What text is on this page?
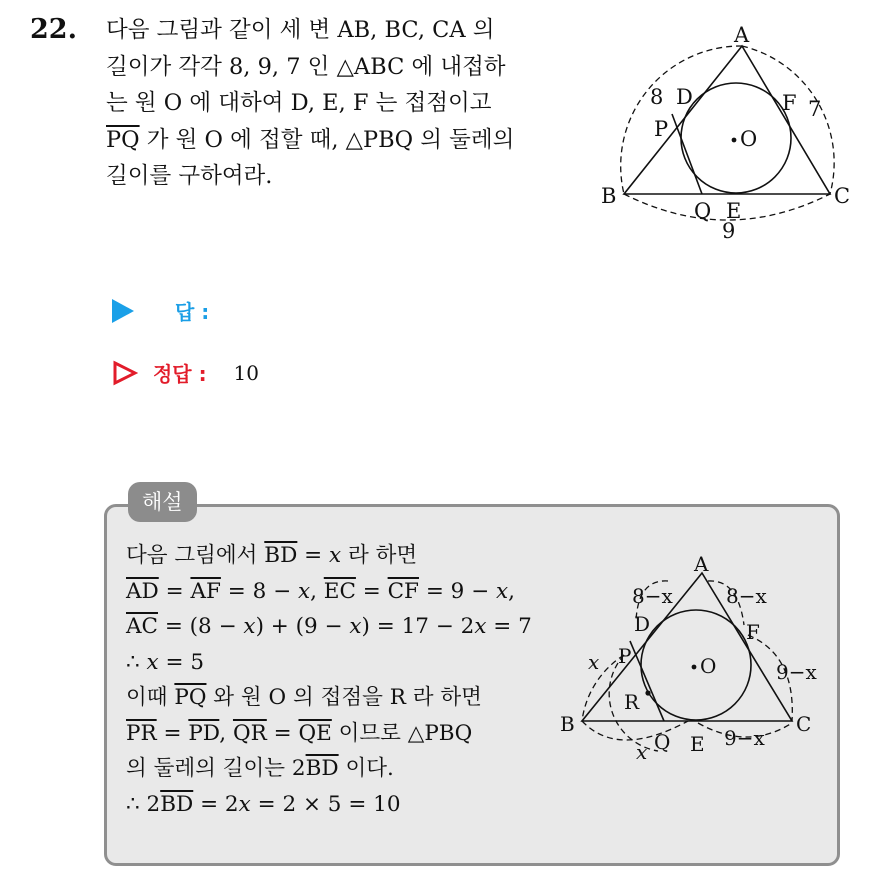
22. 다음 그림과 같이 세 변 AB, BC, CA 의
길이가 각각 8, 9, 7 인 △ABC 에 내접하
는 원 O 에 대하여 D, E, F 는 접점이고
$\overline{PQ}$ 가 원 O 에 접할 때, △PBQ 의 둘레의
길이를 구하여라.
A
B	C
D
E
F
P
Q
O
8	7
9
답 :
정답 : 10
해설
다음 그림에서 $\overline{BD} = x$ 라 하면
$\overline{AD} = \overline{AF} = 8 - x$, $\overline{EC} = \overline{CF} = 9 - x$,
$\overline{AC} = (8 - x) + (9 - x) = 17 - 2x = 7$
∴ x = 5
이때 $\overline{PQ}$ 와 원 O 의 접점을 R 라 하면
$\overline{PR} = \overline{PD}$, $\overline{QR} = \overline{QE}$ 이므로 △PBQ
의 둘레의 길이는 $2\overline{BD}$ 이다.
∴ $2\overline{BD} = 2x = 2 \times 5 = 10$
A
B	C
D
E
F
P
Q
R
O
8−x	8−x
x
x
9−x
9−x
